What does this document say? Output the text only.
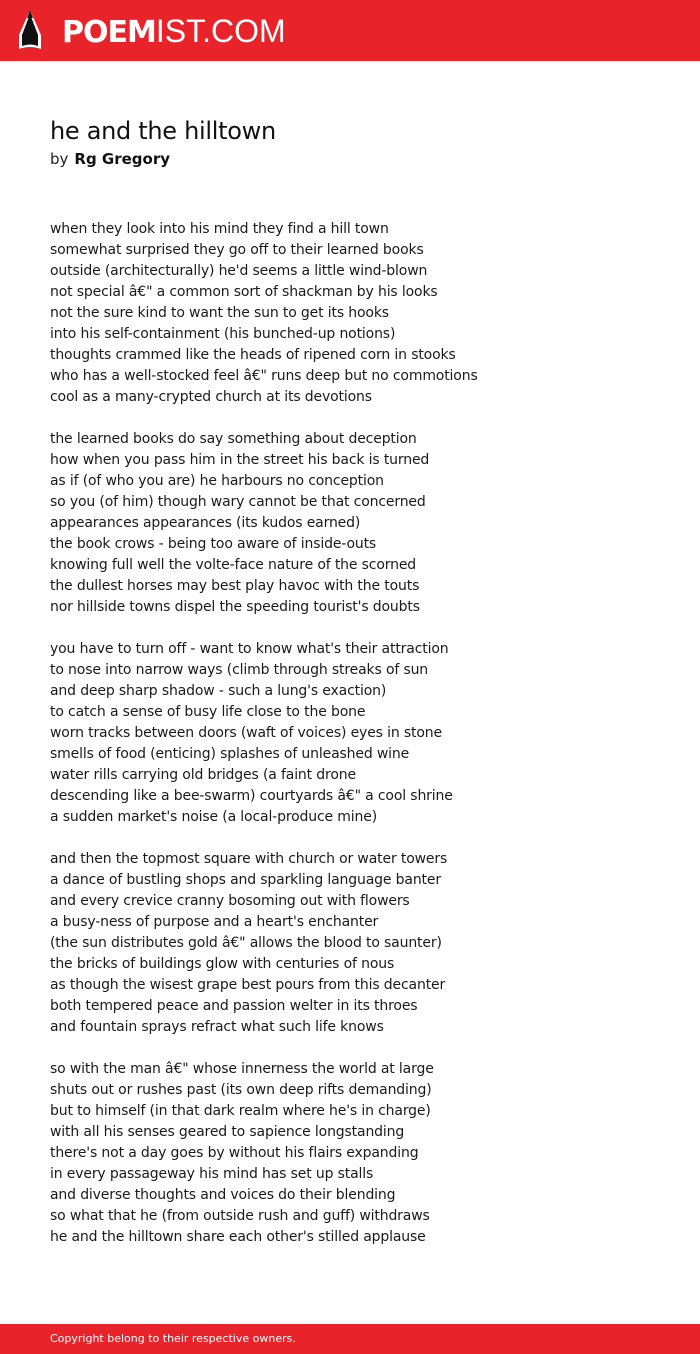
POEMIST.COM
he and the hilltown
by Rg Gregory
when they look into his mind they find a hill town
somewhat surprised they go off to their learned books
outside (architecturally) he'd seems a little wind-blown
not special â€" a common sort of shackman by his looks
not the sure kind to want the sun to get its hooks
into his self-containment (his bunched-up notions)
thoughts crammed like the heads of ripened corn in stooks
who has a well-stocked feel â€" runs deep but no commotions
cool as a many-crypted church at its devotions
the learned books do say something about deception
how when you pass him in the street his back is turned
as if (of who you are) he harbours no conception
so you (of him) though wary cannot be that concerned
appearances appearances (its kudos earned)
the book crows - being too aware of inside-outs
knowing full well the volte-face nature of the scorned
the dullest horses may best play havoc with the touts
nor hillside towns dispel the speeding tourist's doubts
you have to turn off - want to know what's their attraction
to nose into narrow ways (climb through streaks of sun
and deep sharp shadow - such a lung's exaction)
to catch a sense of busy life close to the bone
worn tracks between doors (waft of voices) eyes in stone
smells of food (enticing) splashes of unleashed wine
water rills carrying old bridges (a faint drone
descending like a bee-swarm) courtyards â€" a cool shrine
a sudden market's noise (a local-produce mine)
and then the topmost square with church or water towers
a dance of bustling shops and sparkling language banter
and every crevice cranny bosoming out with flowers
a busy-ness of purpose and a heart's enchanter
(the sun distributes gold â€" allows the blood to saunter)
the bricks of buildings glow with centuries of nous
as though the wisest grape best pours from this decanter
both tempered peace and passion welter in its throes
and fountain sprays refract what such life knows
so with the man â€" whose innerness the world at large
shuts out or rushes past (its own deep rifts demanding)
but to himself (in that dark realm where he's in charge)
with all his senses geared to sapience longstanding
there's not a day goes by without his flairs expanding
in every passageway his mind has set up stalls
and diverse thoughts and voices do their blending
so what that he (from outside rush and guff) withdraws
he and the hilltown share each other's stilled applause
Copyright belong to their respective owners.
